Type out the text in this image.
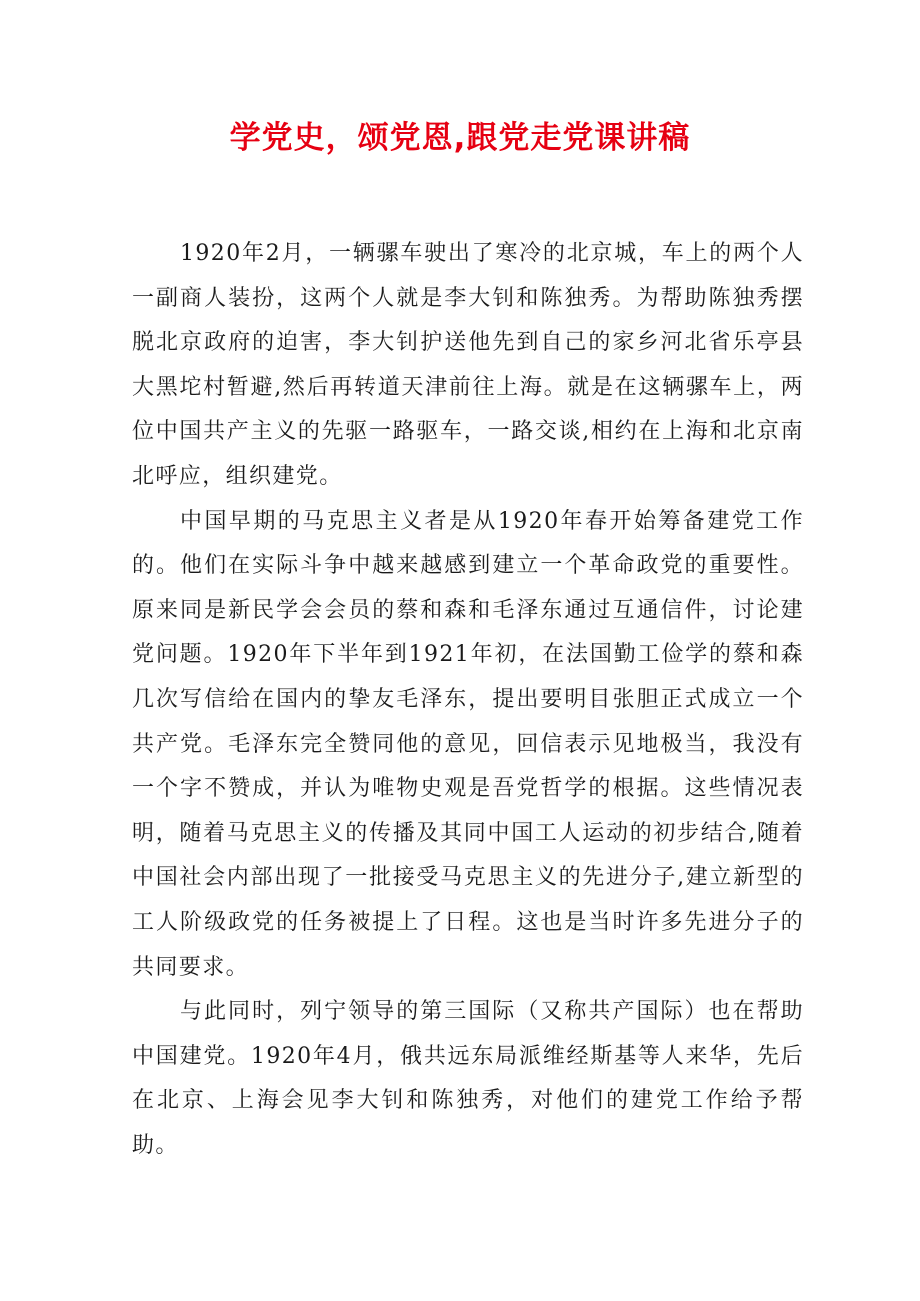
学党史，颂党恩,跟党走党课讲稿

1920年2月，一辆骡车驶出了寒冷的北京城，车上的两个人一副商人装扮，这两个人就是李大钊和陈独秀。为帮助陈独秀摆脱北京政府的迫害，李大钊护送他先到自己的家乡河北省乐亭县大黑坨村暂避,然后再转道天津前往上海。就是在这辆骡车上，两位中国共产主义的先驱一路驱车，一路交谈,相约在上海和北京南北呼应，组织建党。

中国早期的马克思主义者是从1920年春开始筹备建党工作的。他们在实际斗争中越来越感到建立一个革命政党的重要性。原来同是新民学会会员的蔡和森和毛泽东通过互通信件，讨论建党问题。1920年下半年到1921年初，在法国勤工俭学的蔡和森几次写信给在国内的挚友毛泽东，提出要明目张胆正式成立一个共产党。毛泽东完全赞同他的意见，回信表示见地极当，我没有一个字不赞成，并认为唯物史观是吾党哲学的根据。这些情况表明，随着马克思主义的传播及其同中国工人运动的初步结合,随着中国社会内部出现了一批接受马克思主义的先进分子,建立新型的工人阶级政党的任务被提上了日程。这也是当时许多先进分子的共同要求。

与此同时，列宁领导的第三国际（又称共产国际）也在帮助中国建党。1920年4月，俄共远东局派维经斯基等人来华，先后在北京、上海会见李大钊和陈独秀，对他们的建党工作给予帮助。
